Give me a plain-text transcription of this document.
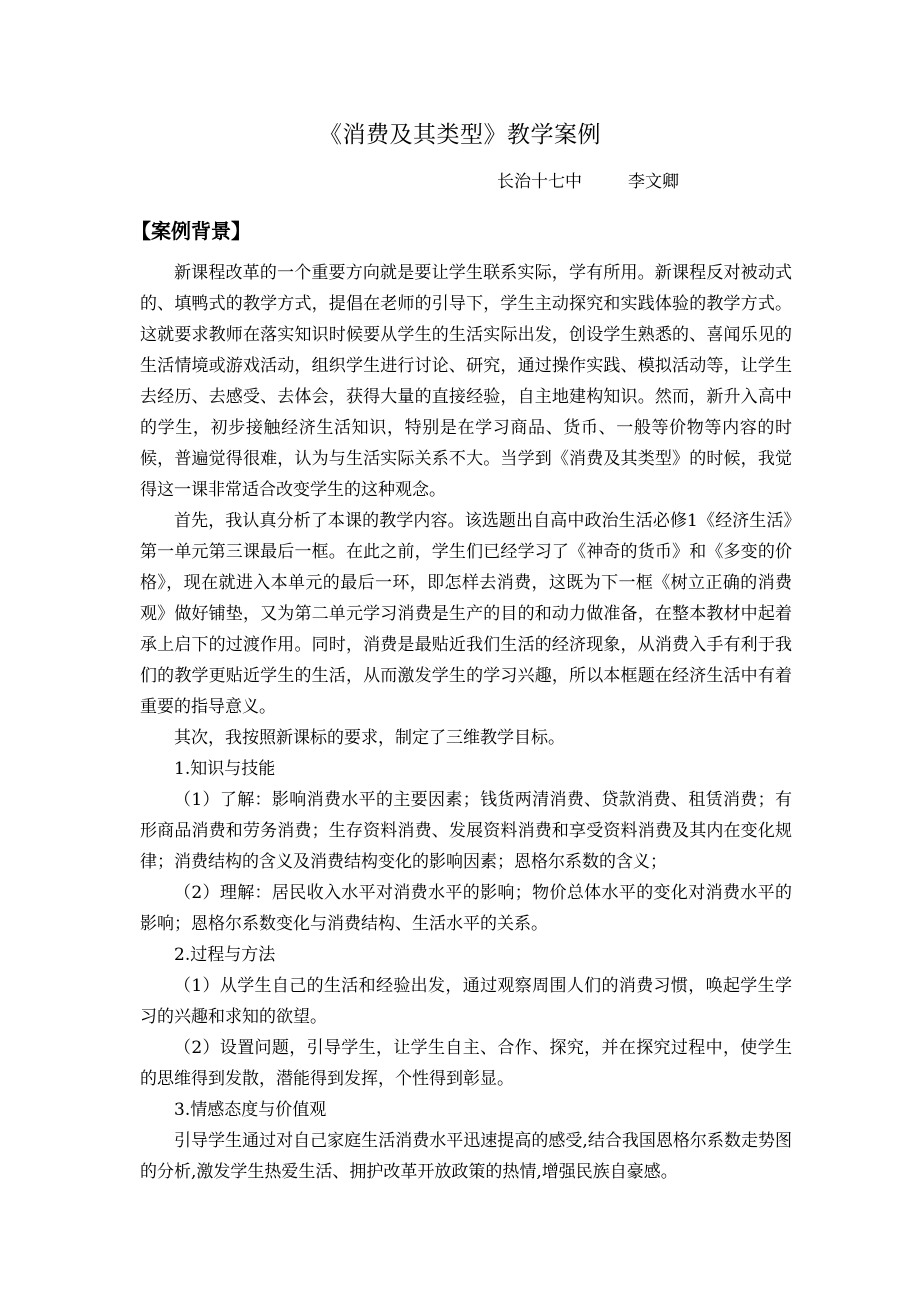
《消费及其类型》教学案例
长治十七中	李文卿
【案例背景】

新课程改革的一个重要方向就是要让学生联系实际，学有所用。新课程反对被动式的、填鸭式的教学方式，提倡在老师的引导下，学生主动探究和实践体验的教学方式。这就要求教师在落实知识时候要从学生的生活实际出发，创设学生熟悉的、喜闻乐见的生活情境或游戏活动，组织学生进行讨论、研究，通过操作实践、模拟活动等，让学生去经历、去感受、去体会，获得大量的直接经验，自主地建构知识。然而，新升入高中的学生，初步接触经济生活知识，特别是在学习商品、货币、一般等价物等内容的时候，普遍觉得很难，认为与生活实际关系不大。当学到《消费及其类型》的时候，我觉得这一课非常适合改变学生的这种观念。

首先，我认真分析了本课的教学内容。该选题出自高中政治生活必修1《经济生活》第一单元第三课最后一框。在此之前，学生们已经学习了《神奇的货币》和《多变的价格》，现在就进入本单元的最后一环，即怎样去消费，这既为下一框《树立正确的消费观》做好铺垫，又为第二单元学习消费是生产的目的和动力做准备，在整本教材中起着承上启下的过渡作用。同时，消费是最贴近我们生活的经济现象，从消费入手有利于我们的教学更贴近学生的生活，从而激发学生的学习兴趣，所以本框题在经济生活中有着重要的指导意义。

其次，我按照新课标的要求，制定了三维教学目标。

1.知识与技能

（1）了解：影响消费水平的主要因素；钱货两清消费、贷款消费、租赁消费；有形商品消费和劳务消费；生存资料消费、发展资料消费和享受资料消费及其内在变化规律；消费结构的含义及消费结构变化的影响因素；恩格尔系数的含义；

（2）理解：居民收入水平对消费水平的影响；物价总体水平的变化对消费水平的影响；恩格尔系数变化与消费结构、生活水平的关系。

2.过程与方法

（1）从学生自己的生活和经验出发，通过观察周围人们的消费习惯，唤起学生学习的兴趣和求知的欲望。

（2）设置问题，引导学生，让学生自主、合作、探究，并在探究过程中，使学生的思维得到发散，潜能得到发挥，个性得到彰显。

3.情感态度与价值观

引导学生通过对自己家庭生活消费水平迅速提高的感受,结合我国恩格尔系数走势图的分析,激发学生热爱生活、拥护改革开放政策的热情,增强民族自豪感。
